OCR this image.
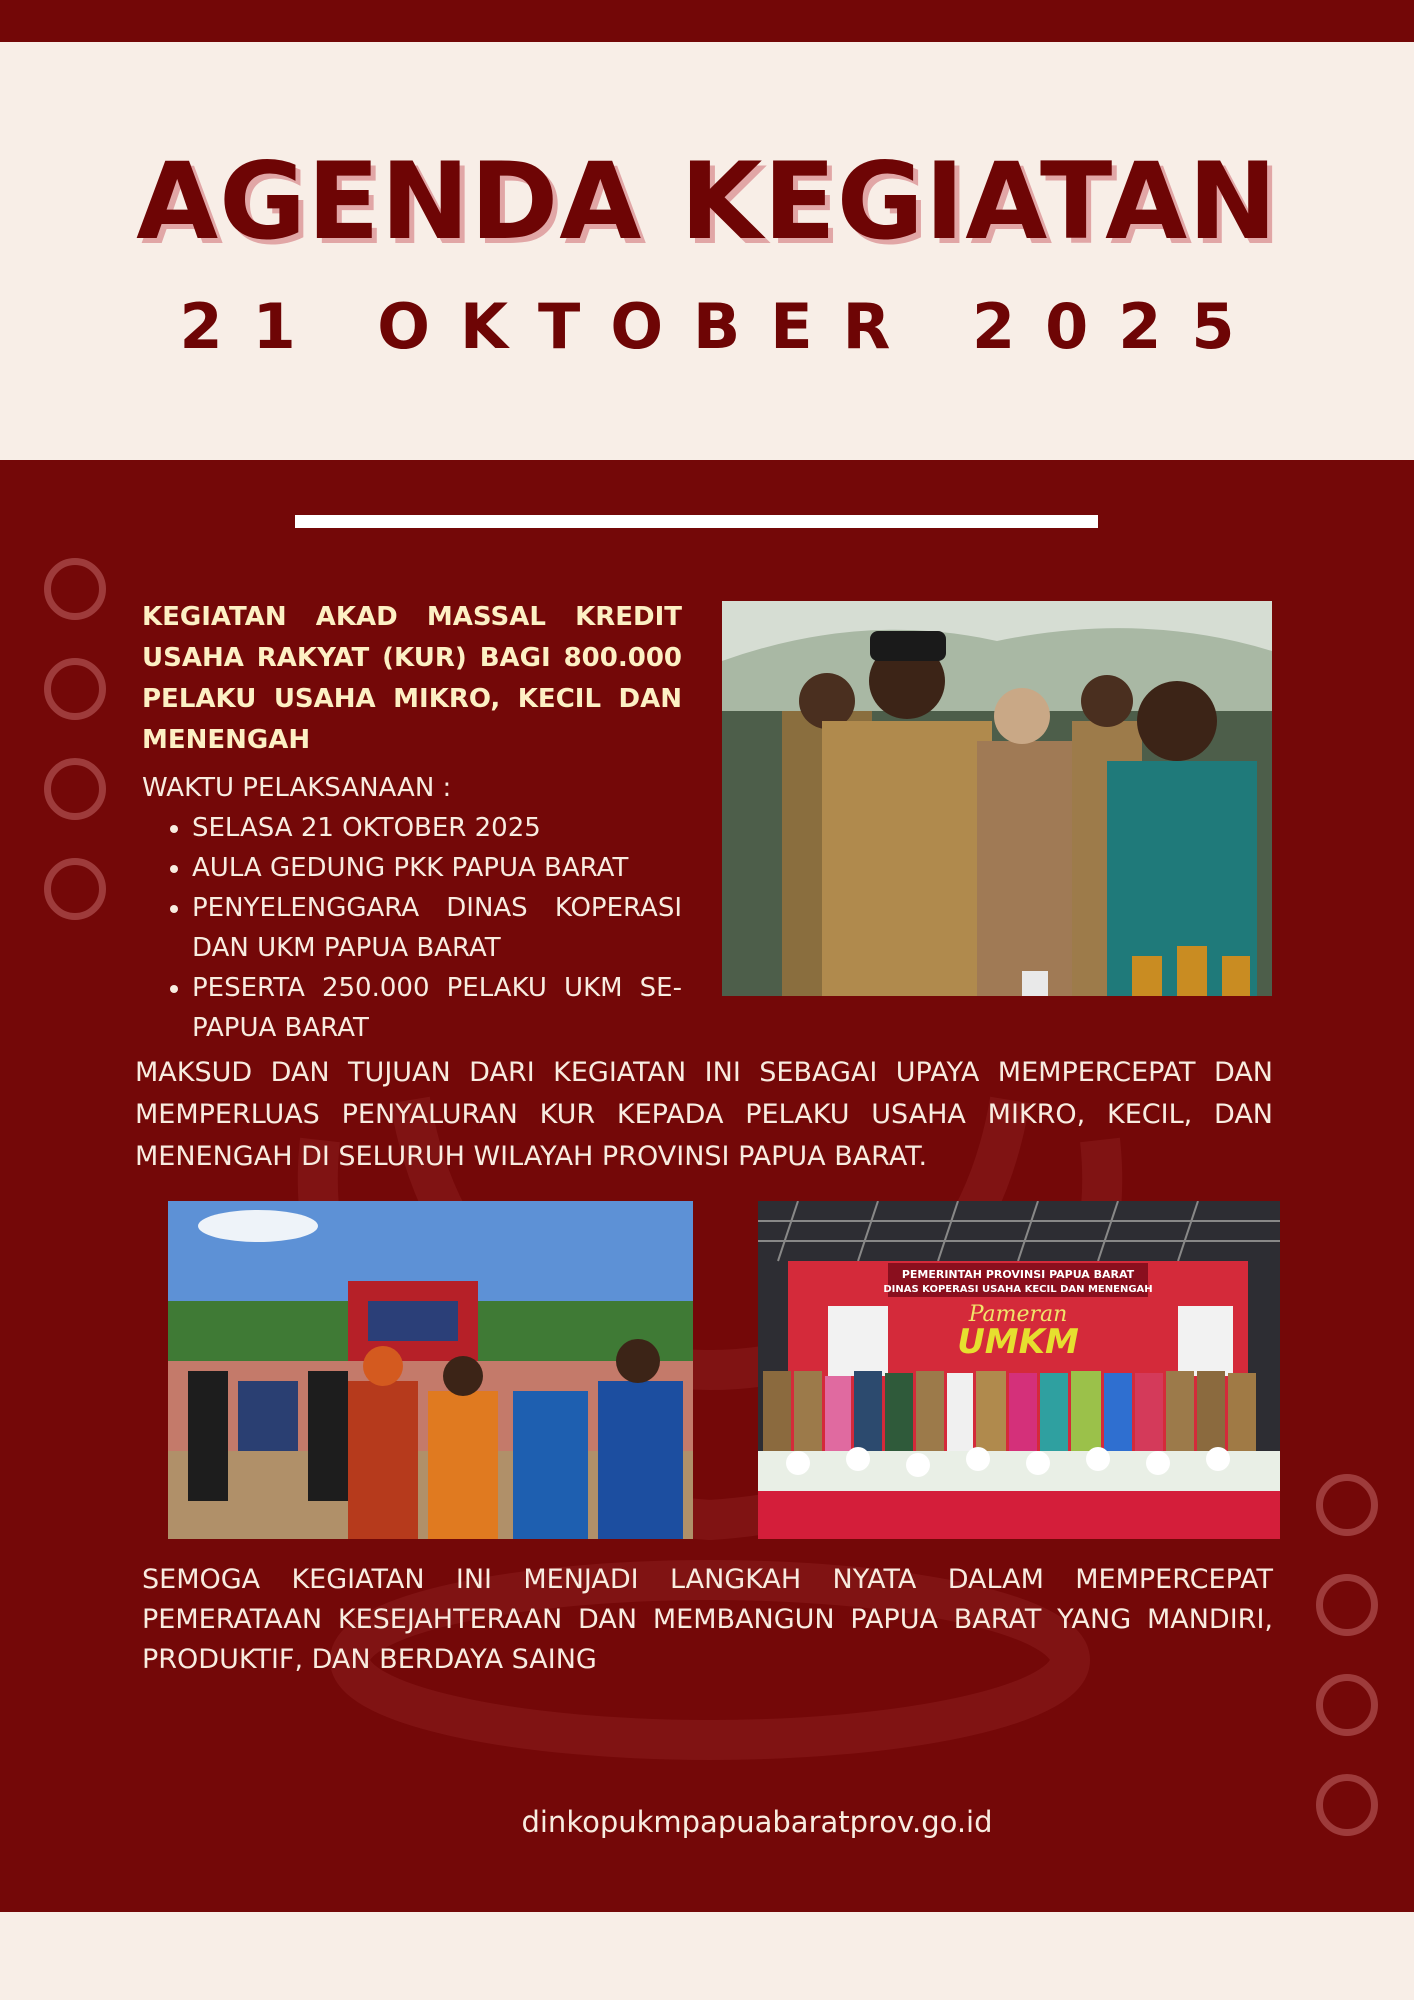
AGENDA KEGIATAN
21 OKTOBER 2025

KEGIATAN AKAD MASSAL KREDIT USAHA RAKYAT (KUR) BAGI 800.000 PELAKU USAHA MIKRO, KECIL DAN MENENGAH

WAKTU PELAKSANAAN :
• SELASA 21 OKTOBER 2025
• AULA GEDUNG PKK PAPUA BARAT
• PENYELENGGARA DINAS KOPERASI DAN UKM PAPUA BARAT
• PESERTA 250.000 PELAKU UKM SE-PAPUA BARAT

MAKSUD DAN TUJUAN DARI KEGIATAN INI SEBAGAI UPAYA MEMPERCEPAT DAN MEMPERLUAS PENYALURAN KUR KEPADA PELAKU USAHA MIKRO, KECIL, DAN MENENGAH DI SELURUH WILAYAH PROVINSI PAPUA BARAT.

PEMERINTAH PROVINSI PAPUA BARAT
DINAS KOPERASI USAHA KECIL DAN MENENGAH
Pameran
UMKM

SEMOGA KEGIATAN INI MENJADI LANGKAH NYATA DALAM MEMPERCEPAT PEMERATAAN KESEJAHTERAAN DAN MEMBANGUN PAPUA BARAT YANG MANDIRI, PRODUKTIF, DAN BERDAYA SAING

dinkopukmpapuabaratprov.go.id
